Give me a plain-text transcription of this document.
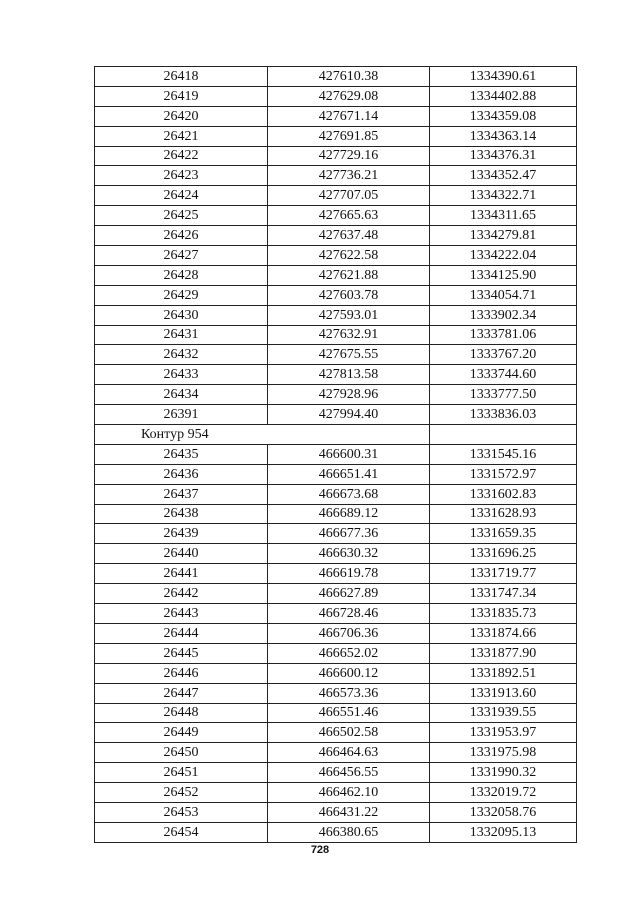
26418	427610.38	1334390.61
26419	427629.08	1334402.88
26420	427671.14	1334359.08
26421	427691.85	1334363.14
26422	427729.16	1334376.31
26423	427736.21	1334352.47
26424	427707.05	1334322.71
26425	427665.63	1334311.65
26426	427637.48	1334279.81
26427	427622.58	1334222.04
26428	427621.88	1334125.90
26429	427603.78	1334054.71
26430	427593.01	1333902.34
26431	427632.91	1333781.06
26432	427675.55	1333767.20
26433	427813.58	1333744.60
26434	427928.96	1333777.50
26391	427994.40	1333836.03
Контур 954		
26435	466600.31	1331545.16
26436	466651.41	1331572.97
26437	466673.68	1331602.83
26438	466689.12	1331628.93
26439	466677.36	1331659.35
26440	466630.32	1331696.25
26441	466619.78	1331719.77
26442	466627.89	1331747.34
26443	466728.46	1331835.73
26444	466706.36	1331874.66
26445	466652.02	1331877.90
26446	466600.12	1331892.51
26447	466573.36	1331913.60
26448	466551.46	1331939.55
26449	466502.58	1331953.97
26450	466464.63	1331975.98
26451	466456.55	1331990.32
26452	466462.10	1332019.72
26453	466431.22	1332058.76
26454	466380.65	1332095.13
728
